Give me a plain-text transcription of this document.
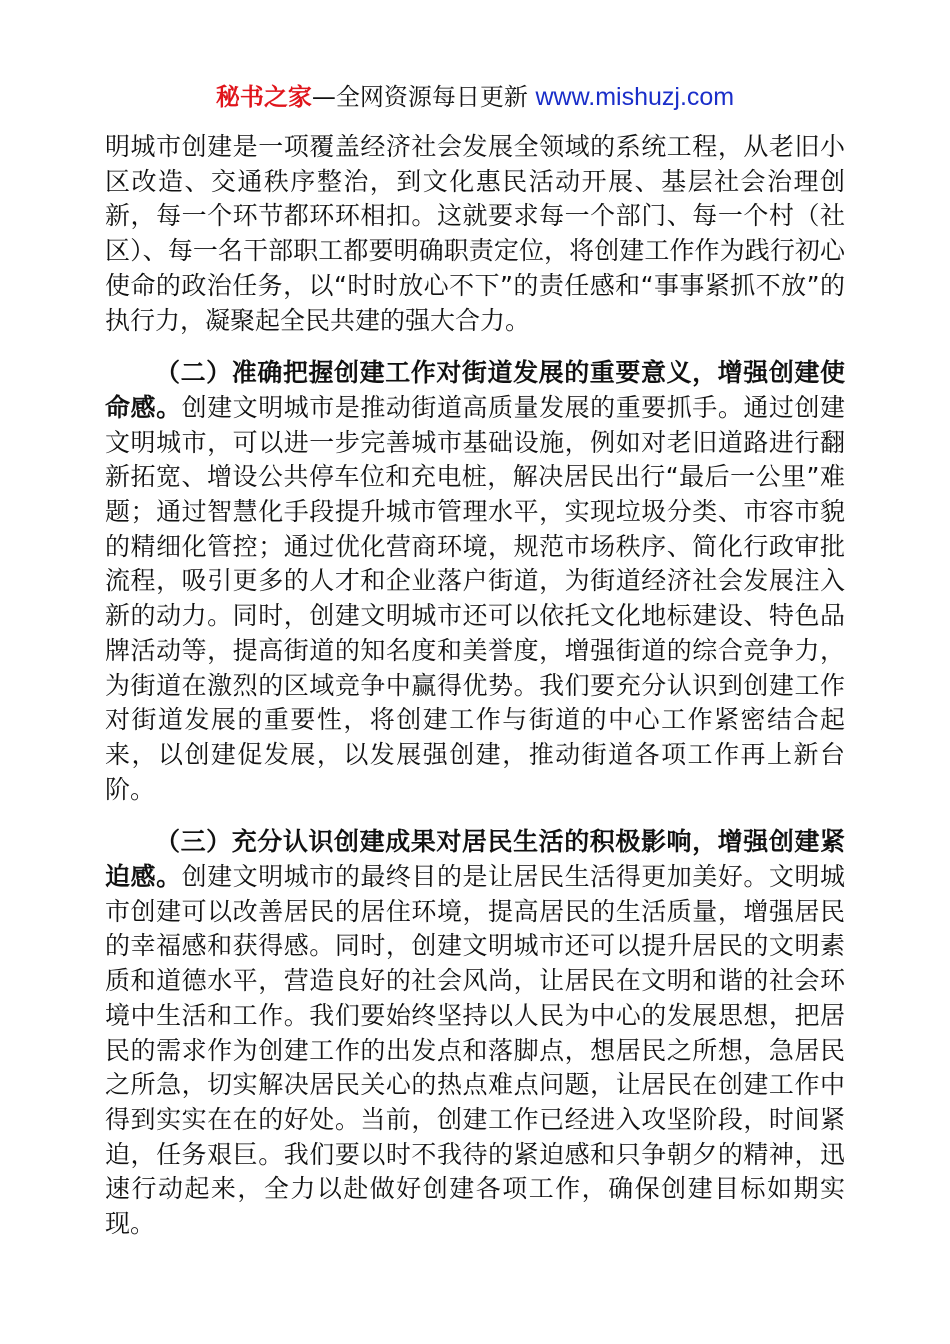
秘书之家—全网资源每日更新 www.mishuzj.com

明城市创建是一项覆盖经济社会发展全领域的系统工程，从老旧小区改造、交通秩序整治，到文化惠民活动开展、基层社会治理创新，每一个环节都环环相扣。这就要求每一个部门、每一个村（社区）、每一名干部职工都要明确职责定位，将创建工作作为践行初心使命的政治任务，以“时时放心不下”的责任感和“事事紧抓不放”的执行力，凝聚起全民共建的强大合力。

（二）准确把握创建工作对街道发展的重要意义，增强创建使命感。创建文明城市是推动街道高质量发展的重要抓手。通过创建文明城市，可以进一步完善城市基础设施，例如对老旧道路进行翻新拓宽、增设公共停车位和充电桩，解决居民出行“最后一公里”难题；通过智慧化手段提升城市管理水平，实现垃圾分类、市容市貌的精细化管控；通过优化营商环境，规范市场秩序、简化行政审批流程，吸引更多的人才和企业落户街道，为街道经济社会发展注入新的动力。同时，创建文明城市还可以依托文化地标建设、特色品牌活动等，提高街道的知名度和美誉度，增强街道的综合竞争力，为街道在激烈的区域竞争中赢得优势。我们要充分认识到创建工作对街道发展的重要性，将创建工作与街道的中心工作紧密结合起来，以创建促发展，以发展强创建，推动街道各项工作再上新台阶。

（三）充分认识创建成果对居民生活的积极影响，增强创建紧迫感。创建文明城市的最终目的是让居民生活得更加美好。文明城市创建可以改善居民的居住环境，提高居民的生活质量，增强居民的幸福感和获得感。同时，创建文明城市还可以提升居民的文明素质和道德水平，营造良好的社会风尚，让居民在文明和谐的社会环境中生活和工作。我们要始终坚持以人民为中心的发展思想，把居民的需求作为创建工作的出发点和落脚点，想居民之所想，急居民之所急，切实解决居民关心的热点难点问题，让居民在创建工作中得到实实在在的好处。当前，创建工作已经进入攻坚阶段，时间紧迫，任务艰巨。我们要以时不我待的紧迫感和只争朝夕的精神，迅速行动起来，全力以赴做好创建各项工作，确保创建目标如期实现。
